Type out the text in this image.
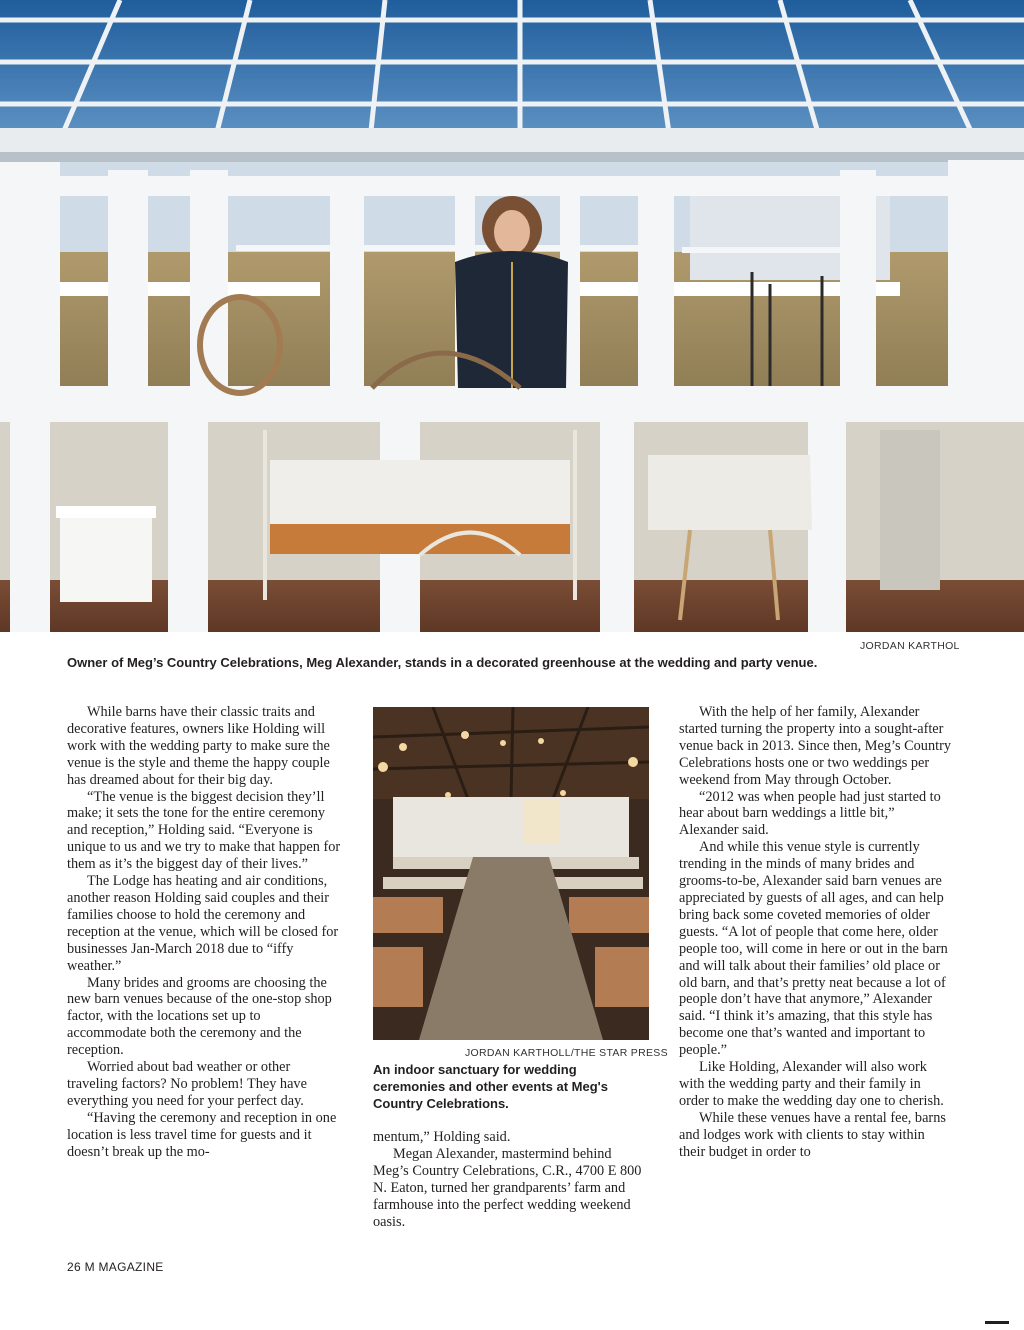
JORDAN KARTHOL
Owner of Meg’s Country Celebrations, Meg Alexander, stands in a decorated greenhouse at the wedding and party venue.

While barns have their classic traits and decorative features, owners like Holding will work with the wedding party to make sure the venue is the style and theme the happy couple has dreamed about for their big day.

“The venue is the biggest decision they’ll make; it sets the tone for the entire ceremony and reception,” Holding said. “Everyone is unique to us and we try to make that happen for them as it’s the biggest day of their lives.”

The Lodge has heating and air conditions, another reason Holding said couples and their families choose to hold the ceremony and reception at the venue, which will be closed for businesses Jan-March 2018 due to “iffy weather.”

Many brides and grooms are choosing the new barn venues because of the one-stop shop factor, with the locations set up to accommodate both the ceremony and the reception.

Worried about bad weather or other traveling factors? No problem! They have everything you need for your perfect day.

“Having the ceremony and reception in one location is less travel time for guests and it doesn’t break up the mo-

JORDAN KARTHOLL/THE STAR PRESS
An indoor sanctuary for wedding ceremonies and other events at Meg's Country Celebrations.

mentum,” Holding said.

Megan Alexander, mastermind behind Meg’s Country Celebrations, C.R., 4700 E 800 N. Eaton, turned her grandparents’ farm and farmhouse into the perfect wedding weekend oasis.

With the help of her family, Alexander started turning the property into a sought-after venue back in 2013. Since then, Meg’s Country Celebrations hosts one or two weddings per weekend from May through October.

“2012 was when people had just started to hear about barn weddings a little bit,” Alexander said.

And while this venue style is currently trending in the minds of many brides and grooms-to-be, Alexander said barn venues are appreciated by guests of all ages, and can help bring back some coveted memories of older guests. “A lot of people that come here, older people too, will come in here or out in the barn and will talk about their families’ old place or old barn, and that’s pretty neat because a lot of people don’t have that anymore,” Alexander said. “I think it’s amazing, that this style has become one that’s wanted and important to people.”

Like Holding, Alexander will also work with the wedding party and their family in order to make the wedding day one to cherish.

While these venues have a rental fee, barns and lodges work with clients to stay within their budget in order to

26 M MAGAZINE
